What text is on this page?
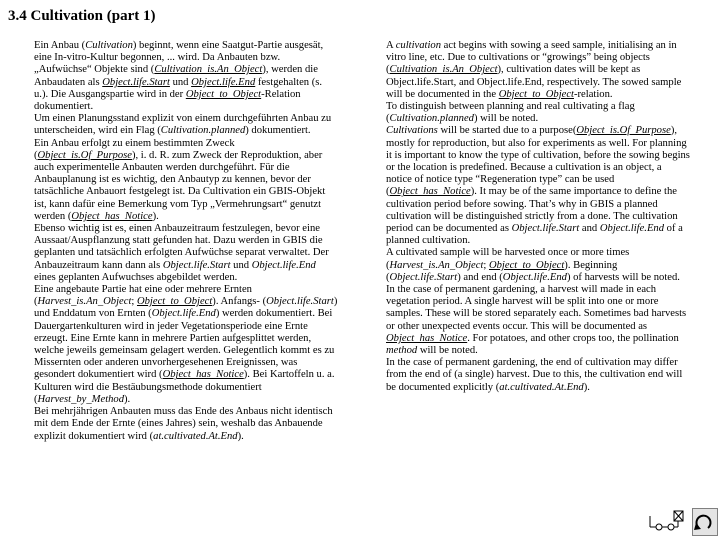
3.4 Cultivation (part 1)

Ein Anbau (Cultivation) beginnt, wenn eine Saatgut-Partie ausgesät, eine In-vitro-Kultur begonnen, ... wird. Da Anbauten bzw. „Aufwüchse“ Objekte sind (Cultivation_is.An_Object), werden die Anbaudaten als Object.life.Start und Object.life.End festgehalten (s. u.). Die Ausgangspartie wird in der Object_to_Object-Relation dokumentiert.

Um einen Planungsstand explizit von einem durchgeführten Anbau zu unterscheiden, wird ein Flag (Cultivation.planned) dokumentiert.

Ein Anbau erfolgt zu einem bestimmten Zweck (Object_is.Of_Purpose), i. d. R. zum Zweck der Reproduktion, aber auch experimentelle Anbauten werden durchgeführt. Für die Anbauplanung ist es wichtig, den Anbautyp zu kennen, bevor der tatsächliche Anbauort festgelegt ist. Da Cultivation ein GBIS-Objekt ist, kann dafür eine Bemerkung vom Typ „Vermehrungsart“ genutzt werden (Object_has_Notice).

Ebenso wichtig ist es, einen Anbauzeitraum festzulegen, bevor eine Aussaat/Auspflanzung statt gefunden hat. Dazu werden in GBIS die geplanten und tatsächlich erfolgten Aufwüchse separat verwaltet. Der Anbauzeitraum kann dann als Object.life.Start und Object.life.End eines geplanten Aufwuchses abgebildet werden.

Eine angebaute Partie hat eine oder mehrere Ernten (Harvest_is.An_Object; Object_to_Object). Anfangs- (Object.life.Start) und Enddatum von Ernten (Object.life.End) werden dokumentiert. Bei Dauergartenkulturen wird in jeder Vegetationsperiode eine Ernte erzeugt. Eine Ernte kann in mehrere Partien aufgesplittet werden, welche jeweils gemeinsam gelagert werden. Gelegentlich kommt es zu Missernten oder anderen unvorhergesehenen Ereignissen, was gesondert dokumentiert wird (Object_has_Notice). Bei Kartoffeln u. a. Kulturen wird die Bestäubungsmethode dokumentiert (Harvest_by_Method).

Bei mehrjährigen Anbauten muss das Ende des Anbaus nicht identisch mit dem Ende der Ernte (eines Jahres) sein, weshalb das Anbauende explizit dokumentiert wird (at.cultivated.At.End).

A cultivation act begins with sowing a seed sample, initialising an in vitro line, etc. Due to cultivations or “growings” being objects (Cultivation_is.An_Object), cultivation dates will be kept as Object.life.Start, and Object.life.End, respectively. The sowed sample will be documented in the Object_to_Object-relation.

To distinguish between planning and real cultivating a flag (Cultivation.planned) will be noted.

Cultivations will be started due to a purpose(Object_is.Of_Purpose), mostly for reproduction, but also for experiments as well. For planning it is important to know the type of cultivation, before the sowing begins or the location is predefined. Because a cultivation is an object, a notice of notice type “Regeneration type” can be used (Object_has_Notice). It may be of the same importance to define the cultivation period before sowing. That’s why in GBIS a planned cultivation will be distinguished strictly from a done. The cultivation period can be documented as Object.life.Start and Object.life.End of a planned cultivation.

A cultivated sample will be harvested once or more times (Harvest_is.An_Object; Object_to_Object). Beginning (Object.life.Start) and end (Object.life.End) of harvests will be noted. In the case of permanent gardening, a harvest will made in each vegetation period. A single harvest will be split into one or more samples. These will be stored separately each. Sometimes bad harvests or other unexpected events occur. This will be documented as Object_has_Notice. For potatoes, and other crops too, the pollination method will be noted.

In the case of permanent gardening, the end of cultivation may differ from the end of (a single) harvest. Due to this, the cultivation end will be documented explicitly (at.cultivated.At.End).
